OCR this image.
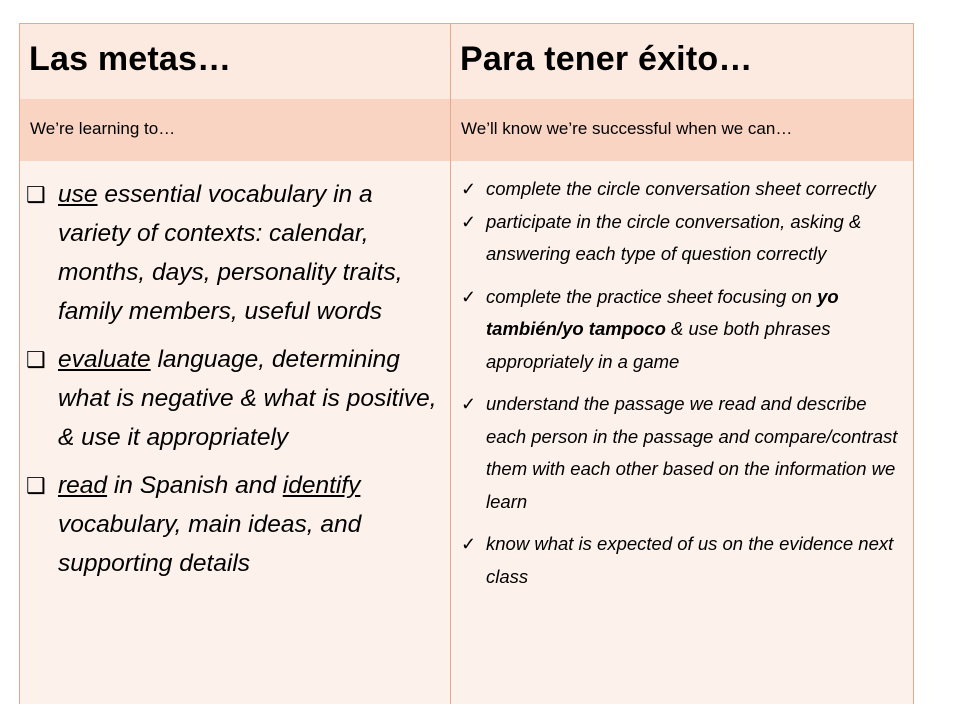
Las metas…	Para tener éxito…
We’re learning to…	We’ll know we’re successful when we can…
❑ use essential vocabulary in a variety of contexts: calendar, months, days, personality traits, family members, useful words
❑ evaluate language, determining what is negative & what is positive, & use it appropriately
❑ read in Spanish and identify vocabulary, main ideas, and supporting details
✓ complete the circle conversation sheet correctly
✓ participate in the circle conversation, asking & answering each type of question correctly
✓ complete the practice sheet focusing on yo también/yo tampoco & use both phrases appropriately in a game
✓ understand the passage we read and describe each person in the passage and compare/contrast them with each other based on the information we learn
✓ know what is expected of us on the evidence next class
